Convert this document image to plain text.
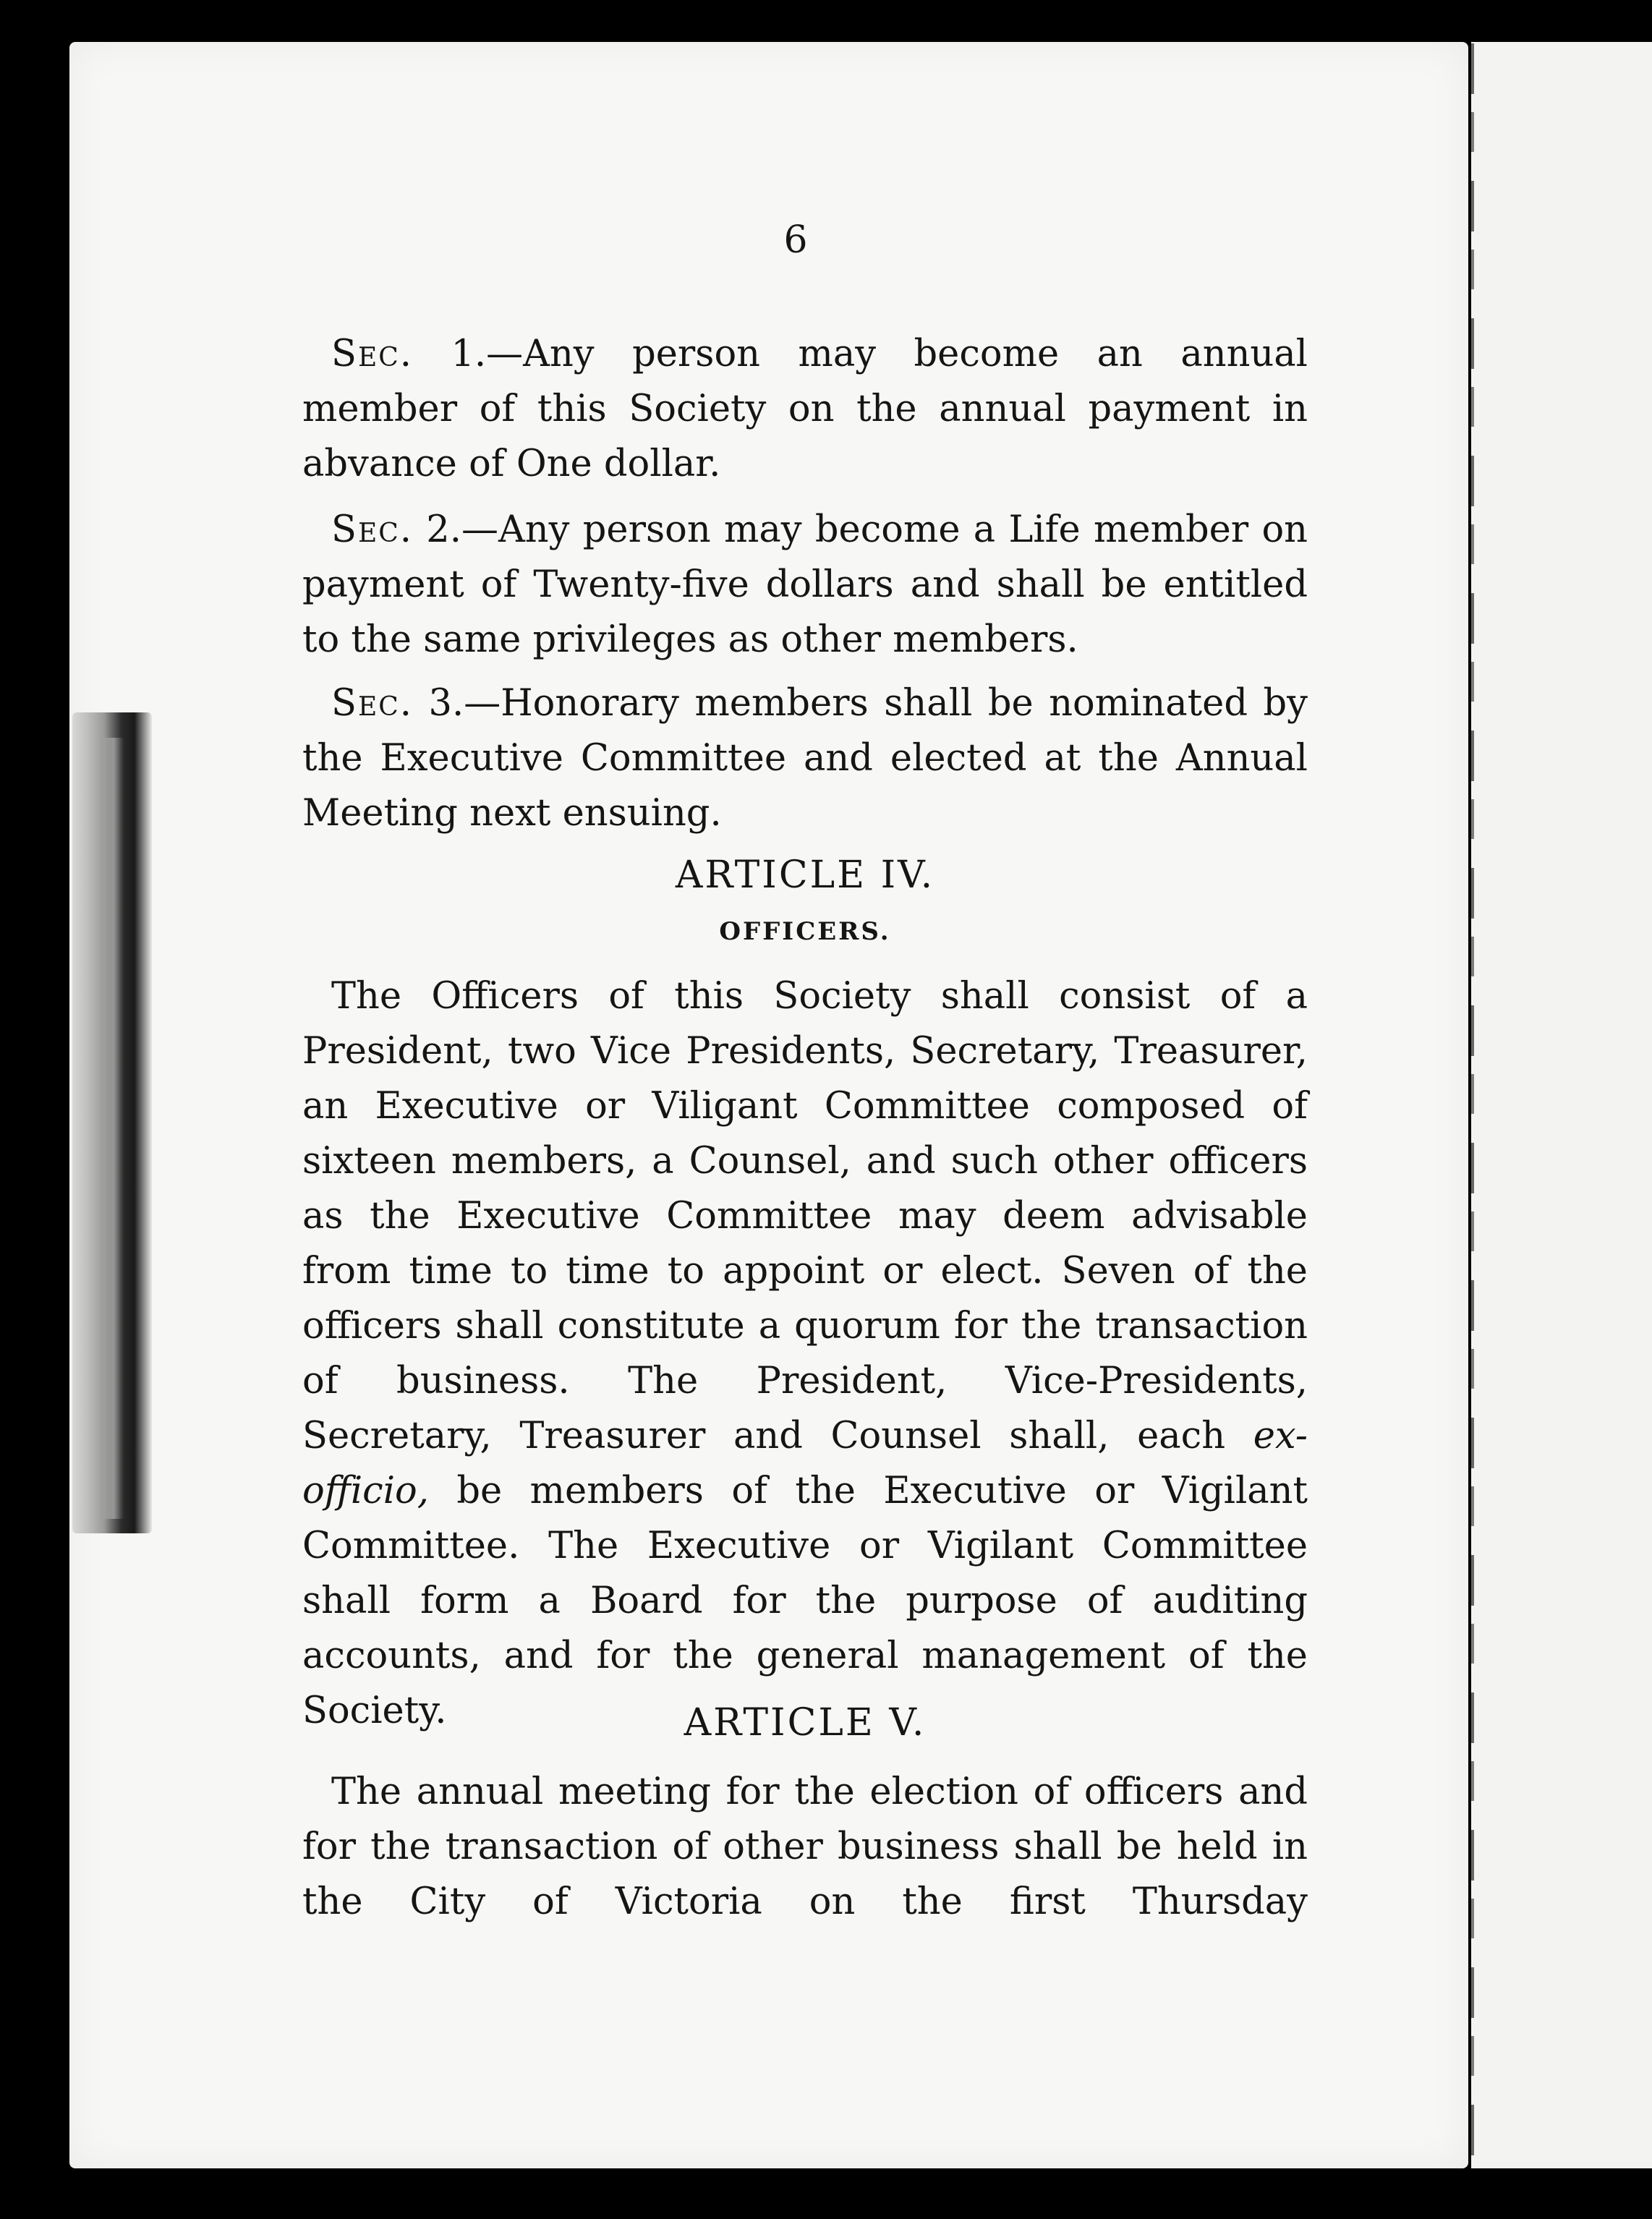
6
Sec. 1.—Any person may become an annual member of this Society on the annual payment in abvance of One dollar.
Sec. 2.—Any person may become a Life member on payment of Twenty-five dollars and shall be entitled to the same privileges as other members.
Sec. 3.—Honorary members shall be nominated by the Executive Committee and elected at the Annual Meeting next ensuing.
ARTICLE IV.
OFFICERS.
The Officers of this Society shall consist of a President, two Vice Presidents, Secretary, Treasurer, an Executive or Viligant Committee composed of sixteen members, a Counsel, and such other officers as the Executive Committee may deem advisable from time to time to appoint or elect. Seven of the officers shall constitute a quorum for the transaction of business. The President, Vice-Presidents, Secretary, Treasurer and Counsel shall, each ex-officio, be members of the Executive or Vigilant Committee. The Executive or Vigilant Committee shall form a Board for the purpose of auditing accounts, and for the general management of the Society.	ARTICLE V.
The annual meeting for the election of officers and for the transaction of other business shall be held in the City of Victoria on the first Thursday
